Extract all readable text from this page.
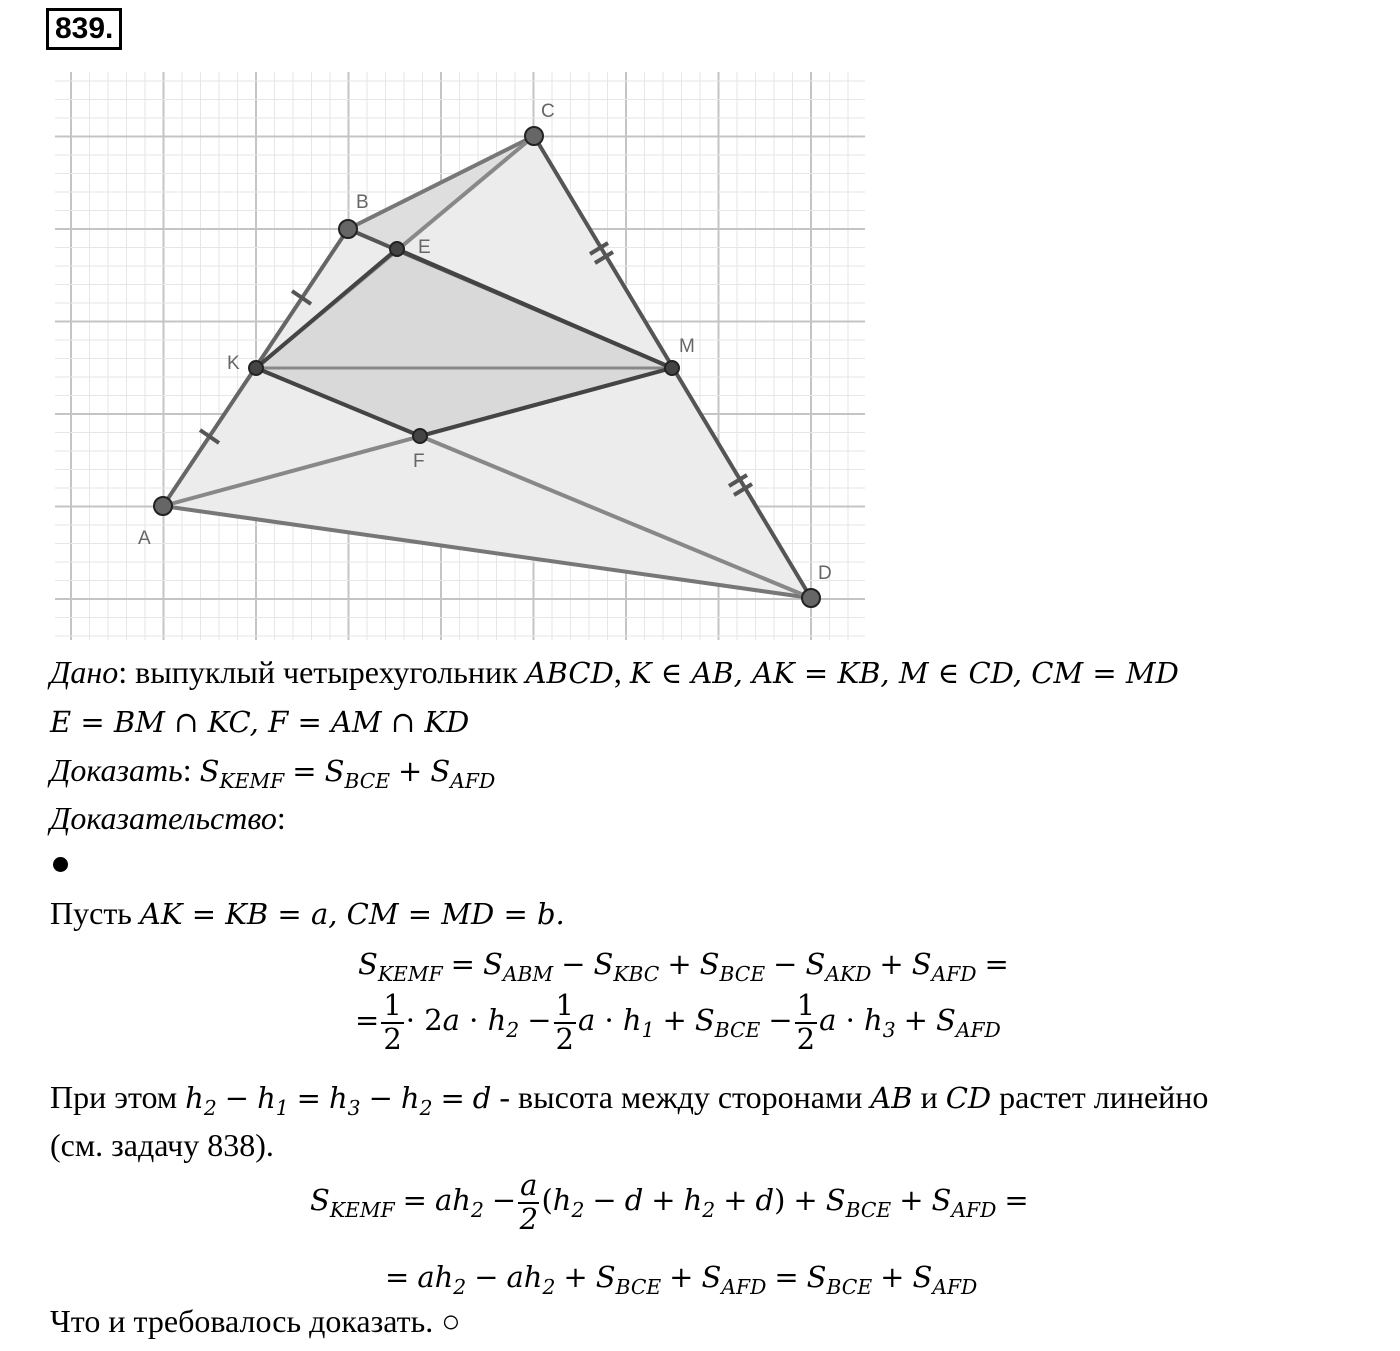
839.
A
B
C
D
K
M
E
F
Дано: выпуклый четырехугольник ABCD, K ∈ AB, AK = KB, M ∈ CD, CM = MD
E = BM ∩ KC, F = AM ∩ KD
Доказать: $S_{KEMF} = S_{BCE} + S_{AFD}$
Доказательство:
Пусть AK = KB = a, CM = MD = b.
$S_{KEMF} = S_{ABM} - S_{KBC} + S_{BCE} - S_{AKD} + S_{AFD}$ =
= $\frac{1}{2} \cdot 2a \cdot h_2 - \frac{1}{2}$ $a \cdot h_1 + S_{BCE} - \frac{1}{2}$ $a \cdot h_3 + S_{AFD}$
При этом $h_2 - h_1 = h_3 - h_2 = d$ - высота между сторонами AB и CD растет линейно
(см. задачу 838).
$S_{KEMF} = ah_2 - \frac{a}{2} (h_2 - d + h_2 + d) + S_{BCE} + S_{AFD}$ =
= $ah_2 - ah_2 + S_{BCE} + S_{AFD} = S_{BCE} + S_{AFD}$
Что и требовалось доказать. ○
